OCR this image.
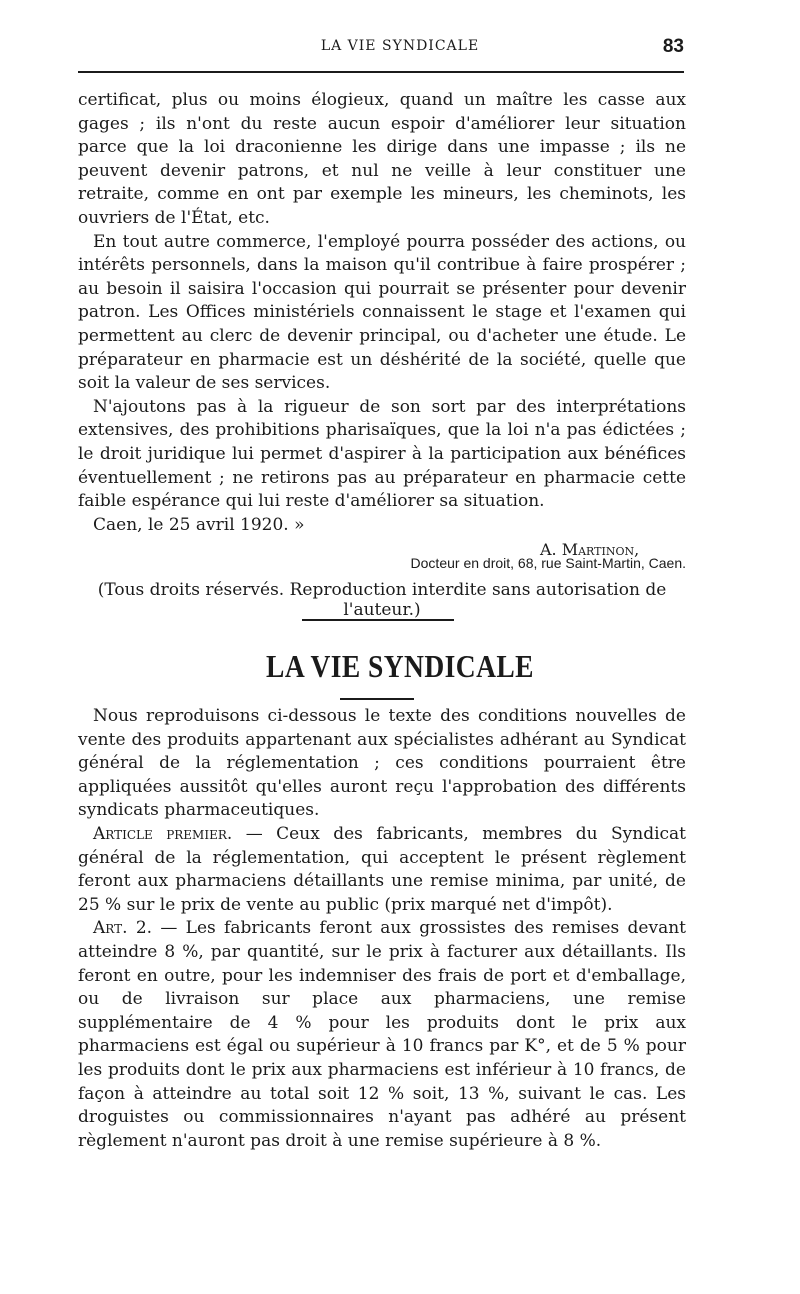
LA VIE SYNDICALE	83

certificat, plus ou moins élogieux, quand un maître les casse aux gages ; ils n'ont du reste aucun espoir d'améliorer leur situation parce que la loi draconienne les dirige dans une impasse ; ils ne peuvent devenir patrons, et nul ne veille à leur constituer une retraite, comme en ont par exemple les mineurs, les cheminots, les ouvriers de l'État, etc.

En tout autre commerce, l'employé pourra posséder des actions, ou intérêts personnels, dans la maison qu'il contribue à faire prospérer ; au besoin il saisira l'occasion qui pourrait se présenter pour devenir patron. Les Offices ministériels connaissent le stage et l'examen qui permettent au clerc de devenir principal, ou d'acheter une étude. Le préparateur en pharmacie est un déshérité de la société, quelle que soit la valeur de ses services.

N'ajoutons pas à la rigueur de son sort par des interprétations extensives, des prohibitions pharisaïques, que la loi n'a pas édictées ; le droit juridique lui permet d'aspirer à la participation aux bénéfices éventuellement ; ne retirons pas au préparateur en pharmacie cette faible espérance qui lui reste d'améliorer sa situation.

Caen, le 25 avril 1920. »

A. Martinon,
Docteur en droit, 68, rue Saint-Martin, Caen.
(Tous droits réservés. Reproduction interdite sans autorisation de l'auteur.)
LA VIE SYNDICALE

Nous reproduisons ci-dessous le texte des conditions nouvelles de vente des produits appartenant aux spécialistes adhérant au Syndicat général de la réglementation ; ces conditions pourraient être appliquées aussitôt qu'elles auront reçu l'approbation des différents syndicats pharmaceutiques.

Article premier. — Ceux des fabricants, membres du Syndicat général de la réglementation, qui acceptent le présent règlement feront aux pharmaciens détaillants une remise minima, par unité, de 25 % sur le prix de vente au public (prix marqué net d'impôt).

Art. 2. — Les fabricants feront aux grossistes des remises devant atteindre 8 %, par quantité, sur le prix à facturer aux détaillants. Ils feront en outre, pour les indemniser des frais de port et d'emballage, ou de livraison sur place aux pharmaciens, une remise supplémentaire de 4 % pour les produits dont le prix aux pharmaciens est égal ou supérieur à 10 francs par K°, et de 5 % pour les produits dont le prix aux pharmaciens est inférieur à 10 francs, de façon à atteindre au total soit 12 % soit, 13 %, suivant le cas. Les droguistes ou commissionnaires n'ayant pas adhéré au présent règlement n'auront pas droit à une remise supérieure à 8 %.
